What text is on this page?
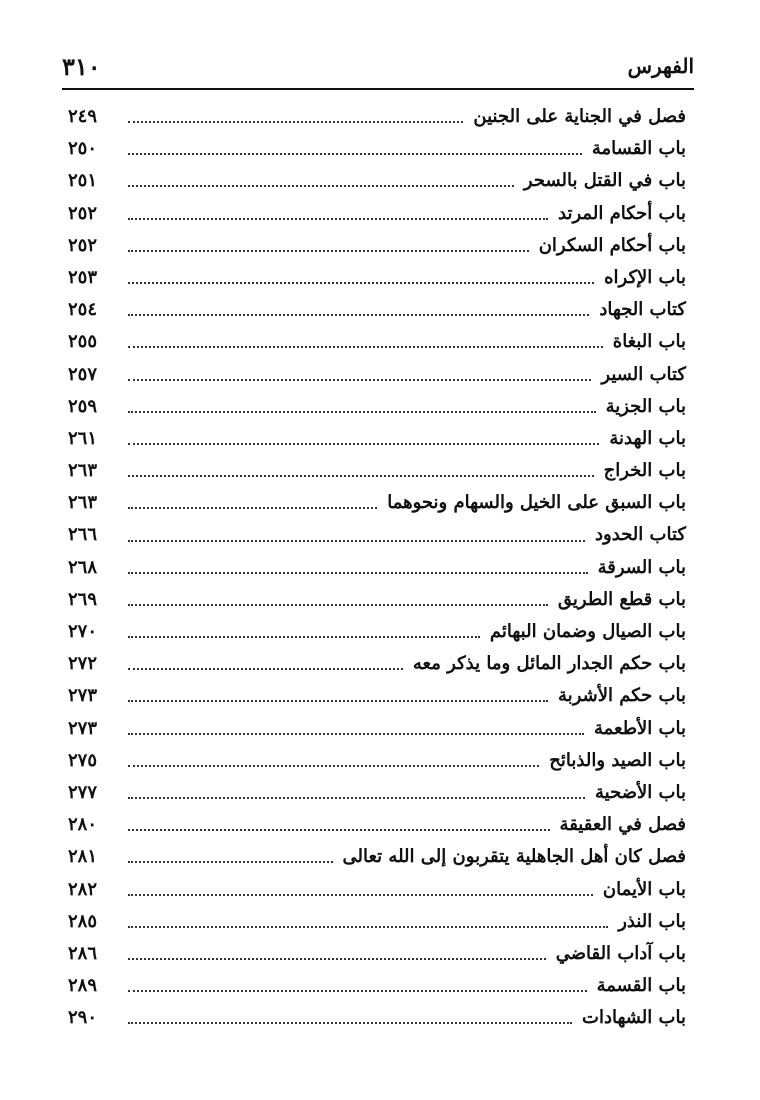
٣١٠	الفهرس
فصل في الجناية على الجنين
٢٤٩
باب القسامة
٢٥٠
باب في القتل بالسحر
٢٥١
باب أحكام المرتد
٢٥٢
باب أحكام السكران
٢٥٢
باب الإكراه
٢٥٣
كتاب الجهاد
٢٥٤
باب البغاة
٢٥٥
كتاب السير
٢٥٧
باب الجزية
٢٥٩
باب الهدنة
٢٦١
باب الخراج
٢٦٣
باب السبق على الخيل والسهام ونحوهما
٢٦٣
كتاب الحدود
٢٦٦
باب السرقة
٢٦٨
باب قطع الطريق
٢٦٩
باب الصيال وضمان البهائم
٢٧٠
باب حكم الجدار المائل وما يذكر معه
٢٧٢
باب حكم الأشربة
٢٧٣
باب الأطعمة
٢٧٣
باب الصيد والذبائح
٢٧٥
باب الأضحية
٢٧٧
فصل في العقيقة
٢٨٠
فصل كان أهل الجاهلية يتقربون إلى الله تعالى
٢٨١
باب الأيمان
٢٨٢
باب النذر
٢٨٥
باب آداب القاضي
٢٨٦
باب القسمة
٢٨٩
باب الشهادات
٢٩٠
